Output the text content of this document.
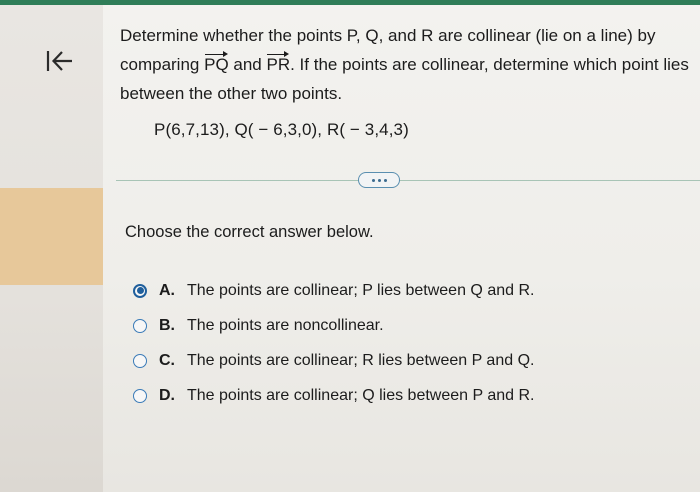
Determine whether the points P, Q, and R are collinear (lie on a line) by comparing PQ and PR. If the points are collinear, determine which point lies between the other two points.
P(6,7,13), Q( − 6,3,0), R( − 3,4,3)
Choose the correct answer below.
A. The points are collinear; P lies between Q and R.
B. The points are noncollinear.
C. The points are collinear; R lies between P and Q.
D. The points are collinear; Q lies between P and R.
